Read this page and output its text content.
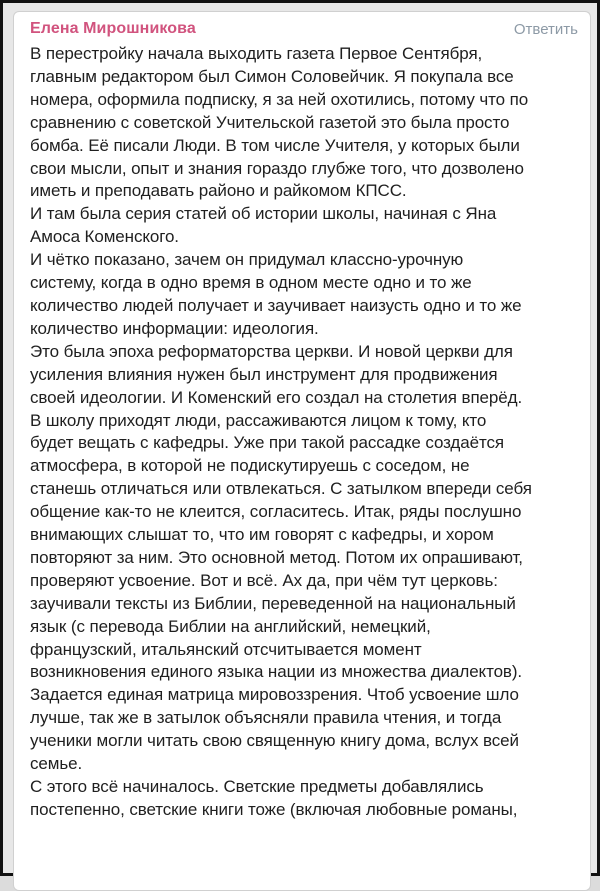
Елена Мирошникова	Ответить
В перестройку начала выходить газета Первое Сентября,
главным редактором был Симон Соловейчик. Я покупала все
номера, оформила подписку, я за ней охотились, потому что по
сравнению с советской Учительской газетой это была просто
бомба. Её писали Люди. В том числе Учителя, у которых были
свои мысли, опыт и знания гораздо глубже того, что дозволено
иметь и преподавать районо и райкомом КПСС.
И там была серия статей об истории школы, начиная с Яна
Амоса Коменского.
И чётко показано, зачем он придумал классно-урочную
систему, когда в одно время в одном месте одно и то же
количество людей получает и заучивает наизусть одно и то же
количество информации: идеология.
Это была эпоха реформаторства церкви. И новой церкви для
усиления влияния нужен был инструмент для продвижения
своей идеологии. И Коменский его создал на столетия вперёд.
В школу приходят люди, рассаживаются лицом к тому, кто
будет вещать с кафедры. Уже при такой рассадке создаётся
атмосфера, в которой не подискутируешь с соседом, не
станешь отличаться или отвлекаться. С затылком впереди себя
общение как-то не клеится, согласитесь. Итак, ряды послушно
внимающих слышат то, что им говорят с кафедры, и хором
повторяют за ним. Это основной метод. Потом их опрашивают,
проверяют усвоение. Вот и всё. Ах да, при чём тут церковь:
заучивали тексты из Библии, переведенной на национальный
язык (с перевода Библии на английский, немецкий,
французский, итальянский отсчитывается момент
возникновения единого языка нации из множества диалектов).
Задается единая матрица мировоззрения. Чтоб усвоение шло
лучше, так же в затылок объясняли правила чтения, и тогда
ученики могли читать свою священную книгу дома, вслух всей
семье.
С этого всё начиналось. Светские предметы добавлялись
постепенно, светские книги тоже (включая любовные романы,
